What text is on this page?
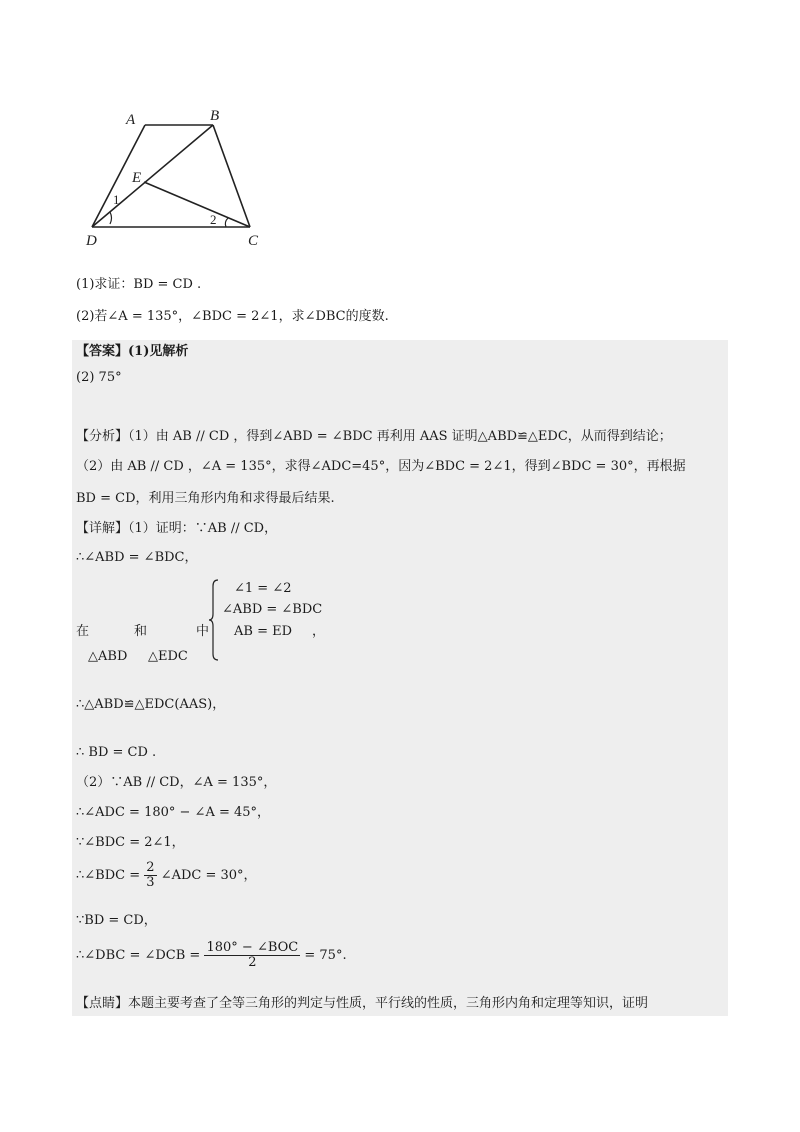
A	B
E
D	C
1
2
(1)求证：BD = CD .
(2)若∠A = 135°，∠BDC = 2∠1，求∠DBC的度数.
【答案】(1)见解析
(2) 75°
【分析】（1）由 AB // CD ，得到∠ABD = ∠BDC 再利用 AAS 证明△ABD≌△EDC，从而得到结论；
（2）由 AB // CD ，∠A = 135°，求得∠ADC=45°，因为∠BDC = 2∠1，得到∠BDC = 30°，再根据
BD = CD，利用三角形内角和求得最后结果.
【详解】（1）证明：∵AB // CD，
∴∠ABD = ∠BDC，
在	和	中
△ABD △EDC
∠1 = ∠2
∠ABD = ∠BDC
AB = ED ，
∴△ABD≌△EDC(AAS)，
∴ BD = CD .
（2）∵AB // CD，∠A = 135°，
∴∠ADC = 180° − ∠A = 45°，
∵∠BDC = 2∠1，
∴∠BDC = $\frac{2}{3}$ ∠ADC = 30°，
∵BD = CD，
∴∠DBC = ∠DCB = $\frac{\text{180° − ∠BOC}}{2} = 75^\circ$.
【点睛】本题主要考查了全等三角形的判定与性质，平行线的性质，三角形内角和定理等知识，证明
